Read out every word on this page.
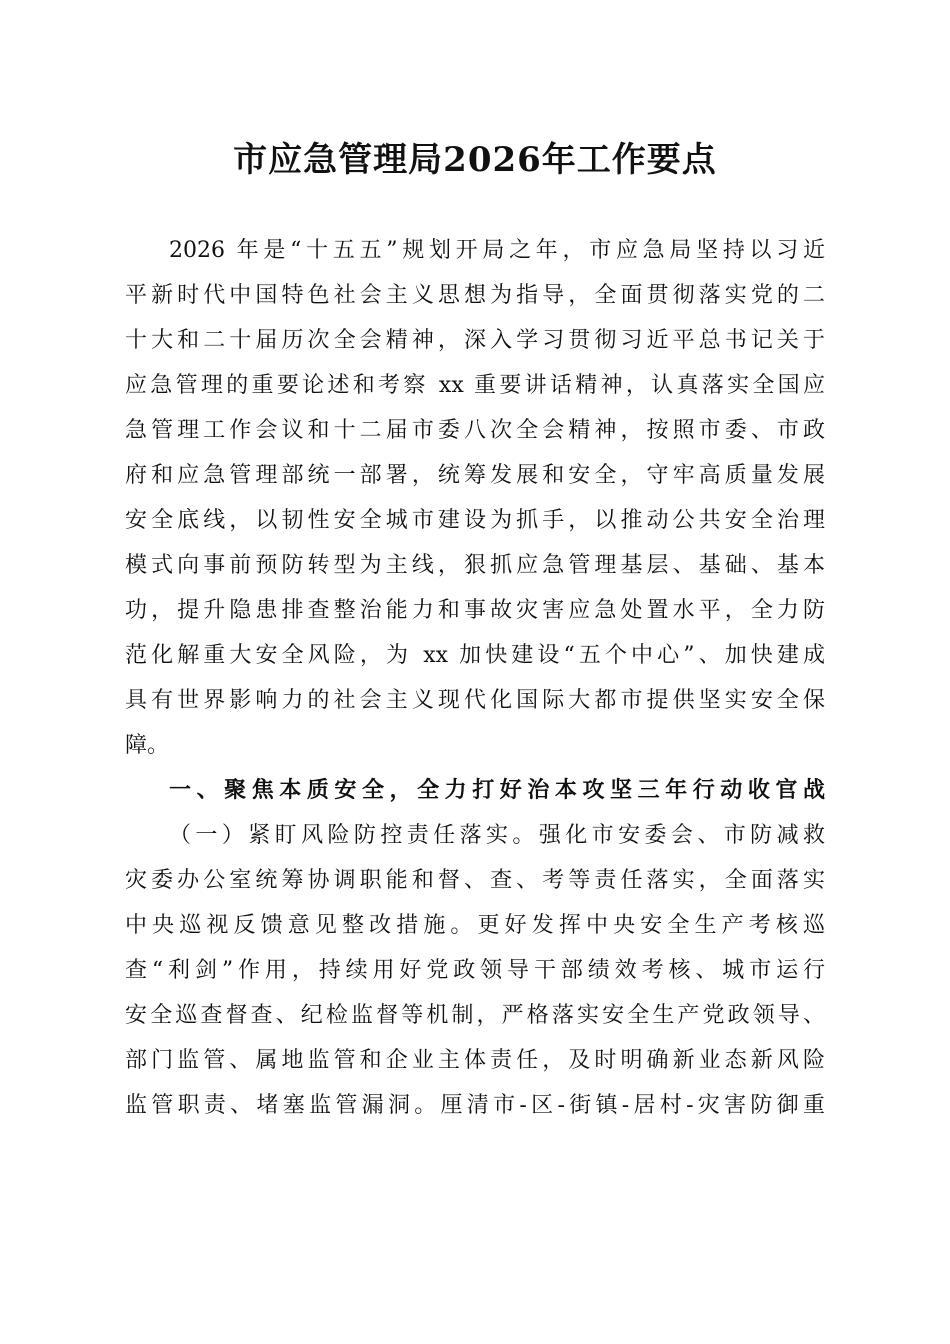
市应急管理局2026年工作要点
2026 年是“十五五”规划开局之年，市应急局坚持以习近
平新时代中国特色社会主义思想为指导，全面贯彻落实党的二
十大和二十届历次全会精神，深入学习贯彻习近平总书记关于
应急管理的重要论述和考察 xx 重要讲话精神，认真落实全国应
急管理工作会议和十二届市委八次全会精神，按照市委、市政
府和应急管理部统一部署，统筹发展和安全，守牢高质量发展
安全底线，以韧性安全城市建设为抓手，以推动公共安全治理
模式向事前预防转型为主线，狠抓应急管理基层、基础、基本
功，提升隐患排查整治能力和事故灾害应急处置水平，全力防
范化解重大安全风险，为 xx 加快建设“五个中心”、加快建成
具有世界影响力的社会主义现代化国际大都市提供坚实安全保
障。
一、聚焦本质安全，全力打好治本攻坚三年行动收官战
（一）紧盯风险防控责任落实。强化市安委会、市防减救
灾委办公室统筹协调职能和督、查、考等责任落实，全面落实
中央巡视反馈意见整改措施。更好发挥中央安全生产考核巡
查“利剑”作用，持续用好党政领导干部绩效考核、城市运行
安全巡查督查、纪检监督等机制，严格落实安全生产党政领导、
部门监管、属地监管和企业主体责任，及时明确新业态新风险
监管职责、堵塞监管漏洞。厘清市-区-街镇-居村-灾害防御重
